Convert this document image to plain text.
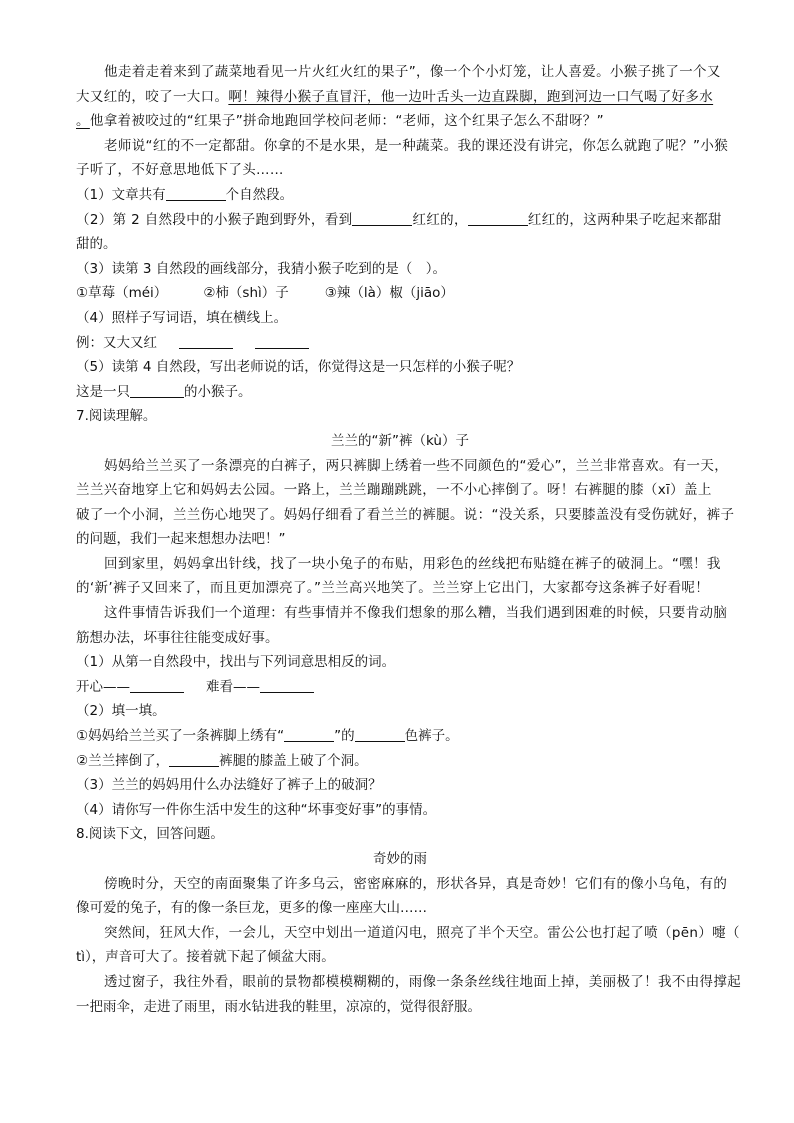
他走着走着来到了蔬菜地看见一片火红火红的果子”，像一个个小灯笼，让人喜爱。小猴子挑了一个又
大又红的，咬了一大口。啊！辣得小猴子直冒汗，他一边叶舌头一边直跺脚，跑到河边一口气喝了好多水
。他拿着被咬过的“红果子”拼命地跑回学校问老师：“老师，这个红果子怎么不甜呀？”
老师说“红的不一定都甜。你拿的不是水果，是一种蔬菜。我的课还没有讲完，你怎么就跑了呢？”小猴
子听了，不好意思地低下了头……
（1）文章共有	个自然段。
（2）第 2 自然段中的小猴子跑到野外，看到	红红的，	红红的，这两种果子吃起来都甜
甜的。
（3）读第 3 自然段的画线部分，我猜小猴子吃到的是（　）。
①草莓（méi）	②柿（shì）子	③辣（là）椒（jiāo）
（4）照样子写词语，填在横线上。
例：又大又红
（5）读第 4 自然段，写出老师说的话，你觉得这是一只怎样的小猴子呢？
这是一只	的小猴子。
7.阅读理解。
兰兰的“新”裤（kù）子
妈妈给兰兰买了一条漂亮的白裤子，两只裤脚上绣着一些不同颜色的“爱心”，兰兰非常喜欢。有一天，
兰兰兴奋地穿上它和妈妈去公园。一路上，兰兰蹦蹦跳跳，一不小心摔倒了。呀！右裤腿的膝（xī）盖上
破了一个小洞，兰兰伤心地哭了。妈妈仔细看了看兰兰的裤腿。说：“没关系，只要膝盖没有受伤就好，裤子
的问题，我们一起来想想办法吧！”
回到家里，妈妈拿出针线，找了一块小兔子的布贴，用彩色的丝线把布贴缝在裤子的破洞上。“嘿！我
的‘新’裤子又回来了，而且更加漂亮了。”兰兰高兴地笑了。兰兰穿上它出门，大家都夸这条裤子好看呢！
这件事情告诉我们一个道理：有些事情并不像我们想象的那么糟，当我们遇到困难的时候，只要肯动脑
筋想办法，坏事往往能变成好事。
（1）从第一自然段中，找出与下列词意思相反的词。
开心——	难看——
（2）填一填。
①妈妈给兰兰买了一条裤脚上绣有“	”的	色裤子。
②兰兰摔倒了，	裤腿的膝盖上破了个洞。
（3）兰兰的妈妈用什么办法缝好了裤子上的破洞？
（4）请你写一件你生活中发生的这种“坏事变好事”的事情。
8.阅读下文，回答问题。
奇妙的雨
傍晚时分，天空的南面聚集了许多乌云，密密麻麻的，形状各异，真是奇妙！它们有的像小乌龟，有的
像可爱的兔子，有的像一条巨龙，更多的像一座座大山……
突然间，狂风大作，一会儿，天空中划出一道道闪电，照亮了半个天空。雷公公也打起了喷（pēn）嚏（
tì），声音可大了。接着就下起了倾盆大雨。
透过窗子，我往外看，眼前的景物都模模糊糊的，雨像一条条丝线往地面上掉，美丽极了！我不由得撑起
一把雨伞，走进了雨里，雨水钻进我的鞋里，凉凉的，觉得很舒服。
